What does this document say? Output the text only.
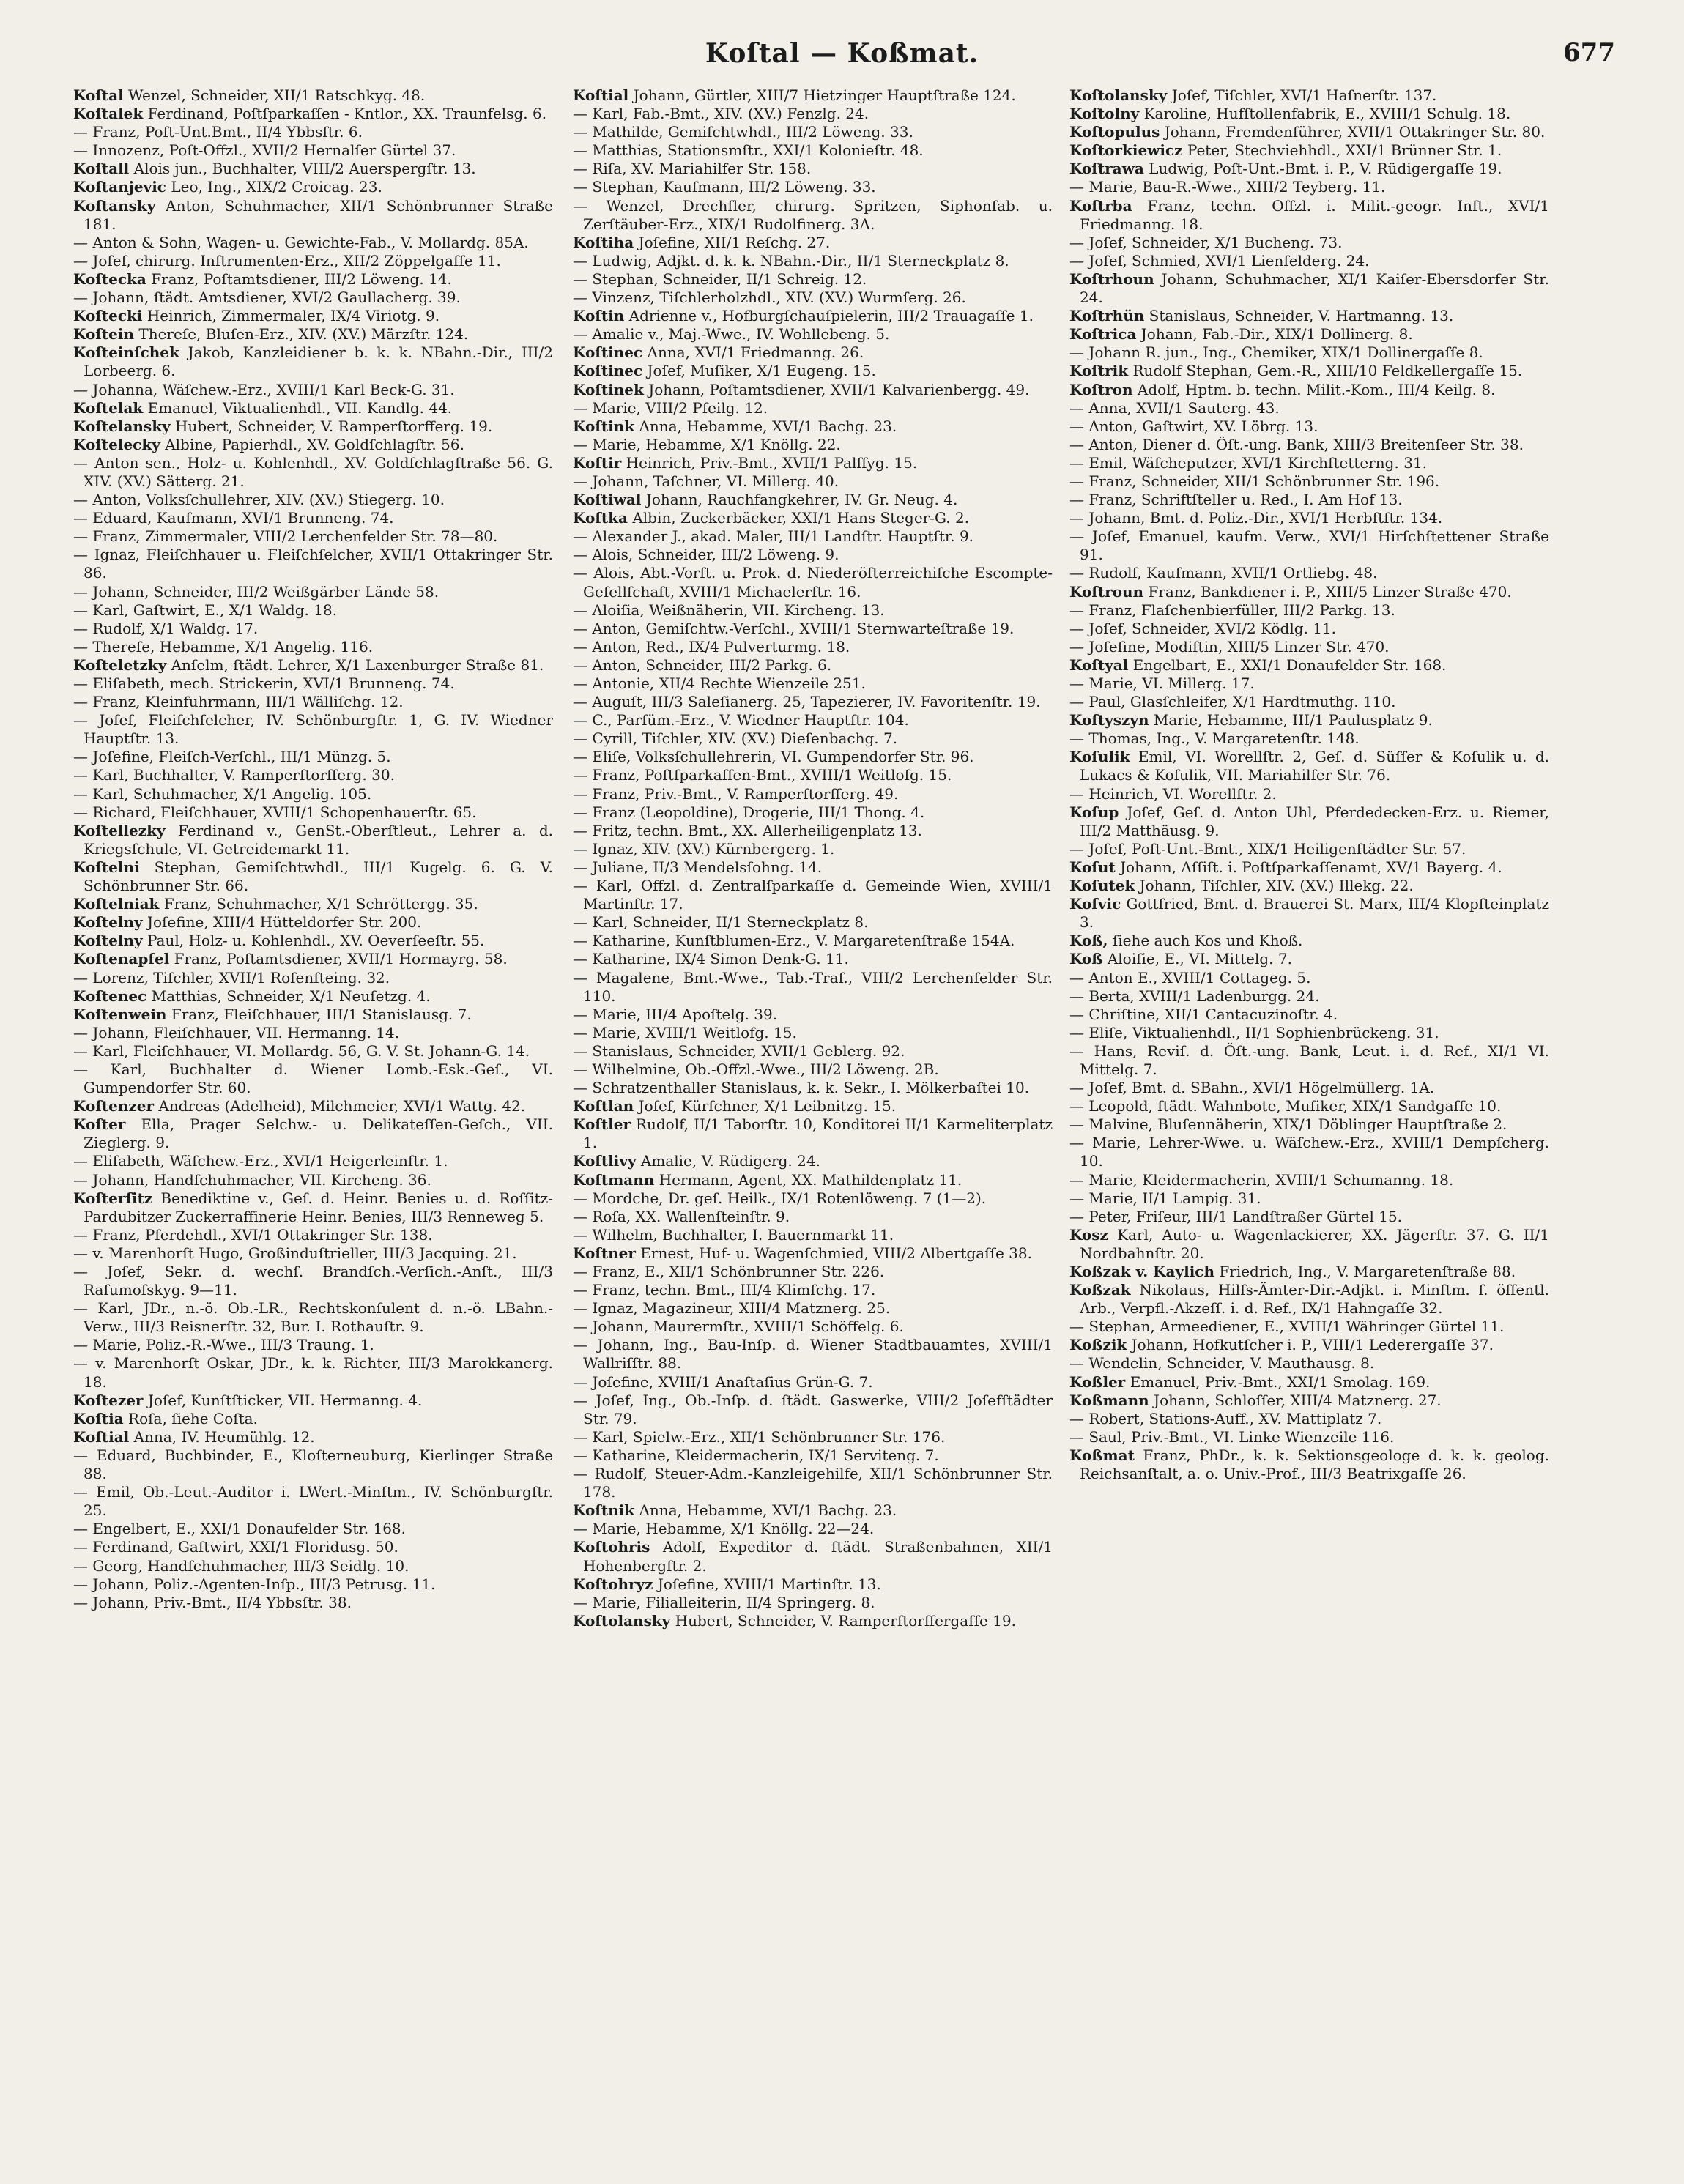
Koſtal — Koßmat.	677

Koſtal Wenzel, Schneider, XII/1 Ratschkyg. 48.

Koſtalek Ferdinand, Poſtſparkaſſen - Kntlor., XX. Traunfelsg. 6.

— Franz, Poſt-Unt.Bmt., II/4 Ybbsſtr. 6.

— Innozenz, Poſt-Offzl., XVII/2 Hernalſer Gürtel 37.

Koſtall Alois jun., Buchhalter, VIII/2 Auerspergſtr. 13.

Koſtanjevic Leo, Ing., XIX/2 Croicag. 23.

Koſtansky Anton, Schuhmacher, XII/1 Schönbrunner Straße 181.

— Anton & Sohn, Wagen- u. Gewichte-Fab., V. Mollardg. 85A.

— Joſef, chirurg. Inſtrumenten-Erz., XII/2 Zöppelgaſſe 11.

Koſtecka Franz, Poſtamtsdiener, III/2 Löweng. 14.

— Johann, ſtädt. Amtsdiener, XVI/2 Gaullacherg. 39.

Koſtecki Heinrich, Zimmermaler, IX/4 Viriotg. 9.

Koſtein Thereſe, Bluſen-Erz., XIV. (XV.) Märzſtr. 124.

Koſteinſchek Jakob, Kanzleidiener b. k. k. NBahn.-Dir., III/2 Lorbeerg. 6.

— Johanna, Wäſchew.-Erz., XVIII/1 Karl Beck-G. 31.

Koſtelak Emanuel, Viktualienhdl., VII. Kandlg. 44.

Koſtelansky Hubert, Schneider, V. Ramperſtorfferg. 19.

Koſtelecky Albine, Papierhdl., XV. Goldſchlagſtr. 56.

— Anton sen., Holz- u. Kohlenhdl., XV. Goldſchlagſtraße 56. G. XIV. (XV.) Sätterg. 21.

— Anton, Volksſchullehrer, XIV. (XV.) Stiegerg. 10.

— Eduard, Kaufmann, XVI/1 Brunneng. 74.

— Franz, Zimmermaler, VIII/2 Lerchenfelder Str. 78—80.

— Ignaz, Fleiſchhauer u. Fleiſchſelcher, XVII/1 Ottakringer Str. 86.

— Johann, Schneider, III/2 Weißgärber Lände 58.

— Karl, Gaſtwirt, E., X/1 Waldg. 18.

— Rudolf, X/1 Waldg. 17.

— Thereſe, Hebamme, X/1 Angelig. 116.

Koſteletzky Anſelm, ſtädt. Lehrer, X/1 Laxenburger Straße 81.

— Eliſabeth, mech. Strickerin, XVI/1 Brunneng. 74.

— Franz, Kleinfuhrmann, III/1 Wälliſchg. 12.

— Joſef, Fleiſchſelcher, IV. Schönburgſtr. 1, G. IV. Wiedner Hauptſtr. 13.

— Joſefine, Fleiſch-Verſchl., III/1 Münzg. 5.

— Karl, Buchhalter, V. Ramperſtorfferg. 30.

— Karl, Schuhmacher, X/1 Angelig. 105.

— Richard, Fleiſchhauer, XVIII/1 Schopenhauerſtr. 65.

Koſtellezky Ferdinand v., GenSt.-Oberſtleut., Lehrer a. d. Kriegsſchule, VI. Getreidemarkt 11.

Koſtelni Stephan, Gemiſchtwhdl., III/1 Kugelg. 6. G. V. Schönbrunner Str. 66.

Koſtelniak Franz, Schuhmacher, X/1 Schröttergg. 35.

Koſtelny Joſefine, XIII/4 Hütteldorfer Str. 200.

Koſtelny Paul, Holz- u. Kohlenhdl., XV. Oeverſeeſtr. 55.

Koſtenapfel Franz, Poſtamtsdiener, XVII/1 Hormayrg. 58.

— Lorenz, Tiſchler, XVII/1 Roſenſteing. 32.

Koſtenec Matthias, Schneider, X/1 Neuſetzg. 4.

Koſtenwein Franz, Fleiſchhauer, III/1 Stanislausg. 7.

— Johann, Fleiſchhauer, VII. Hermanng. 14.

— Karl, Fleiſchhauer, VI. Mollardg. 56, G. V. St. Johann-G. 14.

— Karl, Buchhalter d. Wiener Lomb.-Esk.-Geſ., VI. Gumpendorfer Str. 60.

Koſtenzer Andreas (Adelheid), Milchmeier, XVI/1 Wattg. 42.

Koſter Ella, Prager Selchw.- u. Delikateſſen-Geſch., VII. Zieglerg. 9.

— Eliſabeth, Wäſchew.-Erz., XVI/1 Heigerleinſtr. 1.

— Johann, Handſchuhmacher, VII. Kircheng. 36.

Koſterſitz Benediktine v., Geſ. d. Heinr. Benies u. d. Roſſitz-Pardubitzer Zuckerraffinerie Heinr. Benies, III/3 Renneweg 5.

— Franz, Pferdehdl., XVI/1 Ottakringer Str. 138.

— v. Marenhorſt Hugo, Großinduſtrieller, III/3 Jacquing. 21.

— Joſef, Sekr. d. wechſ. Brandſch.-Verſich.-Anſt., III/3 Raſumofskyg. 9—11.

— Karl, JDr., n.-ö. Ob.-LR., Rechtskonſulent d. n.-ö. LBahn.-Verw., III/3 Reisnerſtr. 32, Bur. I. Rothauſtr. 9.

— Marie, Poliz.-R.-Wwe., III/3 Traung. 1.

— v. Marenhorſt Oskar, JDr., k. k. Richter, III/3 Marokkanerg. 18.

Koſtezer Joſef, Kunſtſticker, VII. Hermanng. 4.

Koſtia Roſa, ſiehe Coſta.

Koſtial Anna, IV. Heumühlg. 12.

— Eduard, Buchbinder, E., Kloſterneuburg, Kierlinger Straße 88.

— Emil, Ob.-Leut.-Auditor i. LWert.-Minſtm., IV. Schönburgſtr. 25.

— Engelbert, E., XXI/1 Donaufelder Str. 168.

— Ferdinand, Gaſtwirt, XXI/1 Floridusg. 50.

— Georg, Handſchuhmacher, III/3 Seidlg. 10.

— Johann, Poliz.-Agenten-Inſp., III/3 Petrusg. 11.

— Johann, Priv.-Bmt., II/4 Ybbsſtr. 38.

Koſtial Johann, Gürtler, XIII/7 Hietzinger Hauptſtraße 124.

— Karl, Fab.-Bmt., XIV. (XV.) Fenzlg. 24.

— Mathilde, Gemiſchtwhdl., III/2 Löweng. 33.

— Matthias, Stationsmſtr., XXI/1 Koloniеſtr. 48.

— Riſa, XV. Mariahilfer Str. 158.

— Stephan, Kaufmann, III/2 Löweng. 33.

— Wenzel, Drechſler, chirurg. Spritzen, Siphonfab. u. Zerſtäuber-Erz., XIX/1 Rudolfinerg. 3A.

Koſtiha Joſefine, XII/1 Reſchg. 27.

— Ludwig, Adjkt. d. k. k. NBahn.-Dir., II/1 Sternеckplatz 8.

— Stephan, Schneider, II/1 Schreig. 12.

— Vinzenz, Tiſchlerholzhdl., XIV. (XV.) Wurmſerg. 26.

Koſtin Adrienne v., Hofburgſchauſpielerin, III/2 Trauagaſſe 1.

— Amalie v., Maj.-Wwe., IV. Wohllebeng. 5.

Koſtinec Anna, XVI/1 Friedmanng. 26.

Koſtinec Joſef, Muſiker, X/1 Eugeng. 15.

Koſtinek Johann, Poſtamtsdiener, XVII/1 Kalvarienbergg. 49.

— Marie, VIII/2 Pfeilg. 12.

Koſtink Anna, Hebamme, XVI/1 Bachg. 23.

— Marie, Hebamme, X/1 Knöllg. 22.

Koſtir Heinrich, Priv.-Bmt., XVII/1 Palffyg. 15.

— Johann, Taſchner, VI. Millerg. 40.

Koſtiwal Johann, Rauchfangkehrer, IV. Gr. Neug. 4.

Koſtka Albin, Zuckerbäcker, XXI/1 Hans Steger-G. 2.

— Alexander J., akad. Maler, III/1 Landſtr. Hauptſtr. 9.

— Alois, Schneider, III/2 Löweng. 9.

— Alois, Abt.-Vorſt. u. Prok. d. Niederöſterreichiſche Escompte-Geſellſchaft, XVIII/1 Michaelerſtr. 16.

— Aloiſia, Weißnäherin, VII. Kircheng. 13.

— Anton, Gemiſchtw.-Verſchl., XVIII/1 Sternwarteſtraße 19.

— Anton, Red., IX/4 Pulverturmg. 18.

— Anton, Schneider, III/2 Parkg. 6.

— Antonie, XII/4 Rechte Wienzeile 251.

— Auguſt, III/3 Saleſianerg. 25, Tapezierer, IV. Favoritenſtr. 19.

— C., Parfüm.-Erz., V. Wiedner Hauptſtr. 104.

— Cyrill, Tiſchler, XIV. (XV.) Dieſenbachg. 7.

— Eliſe, Volksſchullehrerin, VI. Gumpendorfer Str. 96.

— Franz, Poſtſparkaſſen-Bmt., XVIII/1 Weitlofg. 15.

— Franz, Priv.-Bmt., V. Ramperſtorfferg. 49.

— Franz (Leopoldine), Drogerie, III/1 Thong. 4.

— Fritz, techn. Bmt., XX. Allerheiligenplatz 13.

— Ignaz, XIV. (XV.) Kürnbergerg. 1.

— Juliane, II/3 Mendelsſohng. 14.

— Karl, Offzl. d. Zentralſparkaſſe d. Gemeinde Wien, XVIII/1 Martinſtr. 17.

— Karl, Schneider, II/1 Sterneckplatz 8.

— Katharine, Kunſtblumen-Erz., V. Margaretenſtraße 154A.

— Katharine, IX/4 Simon Denk-G. 11.

— Magalene, Bmt.-Wwe., Tab.-Traf., VIII/2 Lerchenfelder Str. 110.

— Marie, III/4 Apoſtelg. 39.

— Marie, XVIII/1 Weitlofg. 15.

— Stanislaus, Schneider, XVII/1 Geblerg. 92.

— Wilhelmine, Ob.-Offzl.-Wwe., III/2 Löweng. 2B.

— Schratzenthaller Stanislaus, k. k. Sekr., I. Mölkerbaſtei 10.

Koſtlan Joſef, Kürſchner, X/1 Leibnitzg. 15.

Koſtler Rudolf, II/1 Taborſtr. 10, Konditorei II/1 Karmeliterplatz 1.

Koſtlivy Amalie, V. Rüdigerg. 24.

Koſtmann Hermann, Agent, XX. Mathildenplatz 11.

— Mordche, Dr. geſ. Heilk., IX/1 Rotenlöweng. 7 (1—2).

— Roſa, XX. Wallenſteinſtr. 9.

— Wilhelm, Buchhalter, I. Bauernmarkt 11.

Koſtner Ernest, Huf- u. Wagenſchmied, VIII/2 Albertgaſſe 38.

— Franz, E., XII/1 Schönbrunner Str. 226.

— Franz, techn. Bmt., III/4 Klimſchg. 17.

— Ignaz, Magazineur, XIII/4 Matznerg. 25.

— Johann, Maurermſtr., XVIII/1 Schöffelg. 6.

— Johann, Ing., Bau-Inſp. d. Wiener Stadtbauamtes, XVIII/1 Wallriſſtr. 88.

— Joſefine, XVIII/1 Anaſtaſius Grün-G. 7.

— Joſef, Ing., Ob.-Inſp. d. ſtädt. Gaswerke, VIII/2 Joſefſtädter Str. 79.

— Karl, Spielw.-Erz., XII/1 Schönbrunner Str. 176.

— Katharine, Kleidermacherin, IX/1 Servitеng. 7.

— Rudolf, Steuer-Adm.-Kanzleigehilfe, XII/1 Schönbrunner Str. 178.

Koſtnik Anna, Hebamme, XVI/1 Bachg. 23.

— Marie, Hebamme, X/1 Knöllg. 22—24.

Koſtohris Adolf, Expeditor d. ſtädt. Straßenbahnen, XII/1 Hohenbergſtr. 2.

Koſtohryz Joſefine, XVIII/1 Martinſtr. 13.

— Marie, Filialleiterin, II/4 Springerg. 8.

Koſtolansky Hubert, Schneider, V. Ramperſtorffergaſſe 19.

Koſtolansky Joſef, Tiſchler, XVI/1 Haſnerſtr. 137.

Koſtolny Karoline, Hufſtollenfabrik, E., XVIII/1 Schulg. 18.

Koſtopulus Johann, Fremdenführer, XVII/1 Ottakringer Str. 80.

Koſtorkiewicz Peter, Stechviehhdl., XXI/1 Brünner Str. 1.

Koſtrawa Ludwig, Poſt-Unt.-Bmt. i. P., V. Rüdigergaſſe 19.

— Marie, Bau-R.-Wwe., XIII/2 Teyberg. 11.

Koſtrba Franz, techn. Offzl. i. Milit.-geogr. Inſt., XVI/1 Friedmanng. 18.

— Joſef, Schneider, X/1 Bucheng. 73.

— Joſef, Schmied, XVI/1 Lienfelderg. 24.

Koſtrhoun Johann, Schuhmacher, XI/1 Kaiſer-Ebersdorfer Str. 24.

Koſtrhün Stanislaus, Schneider, V. Hartmanng. 13.

Koſtrica Johann, Fab.-Dir., XIX/1 Dollinerg. 8.

— Johann R. jun., Ing., Chemiker, XIX/1 Dollinergaſſe 8.

Koſtrik Rudolf Stephan, Gem.-R., XIII/10 Feldkellergaſſe 15.

Koſtron Adolf, Hptm. b. techn. Milit.-Kom., III/4 Keilg. 8.

— Anna, XVII/1 Sauterg. 43.

— Anton, Gaſtwirt, XV. Löbrg. 13.

— Anton, Diener d. Öſt.-ung. Bank, XIII/3 Breitenſeer Str. 38.

— Emil, Wäſcheputzer, XVI/1 Kirchſtetterng. 31.

— Franz, Schneider, XII/1 Schönbrunner Str. 196.

— Franz, Schriftſteller u. Red., I. Am Hof 13.

— Johann, Bmt. d. Poliz.-Dir., XVI/1 Herbſtſtr. 134.

— Joſef, Emanuel, kaufm. Verw., XVI/1 Hirſchſtettener Straße 91.

— Rudolf, Kaufmann, XVII/1 Ortliebg. 48.

Koſtroun Franz, Bankdiener i. P., XIII/5 Linzer Straße 470.

— Franz, Flaſchenbierfüller, III/2 Parkg. 13.

— Joſef, Schneider, XVI/2 Ködlg. 11.

— Joſefine, Modiſtin, XIII/5 Linzer Str. 470.

Koſtyal Engelbart, E., XXI/1 Donaufelder Str. 168.

— Marie, VI. Millerg. 17.

— Paul, Glasſchleifer, X/1 Hardtmuthg. 110.

Koſtyszyn Marie, Hebamme, III/1 Paulusplatz 9.

— Thomas, Ing., V. Margaretenſtr. 148.

Koſulik Emil, VI. Worellſtr. 2, Geſ. d. Süſſer & Koſulik u. d. Lukacs & Koſulik, VII. Mariahilfer Str. 76.

— Heinrich, VI. Worellſtr. 2.

Koſup Joſef, Geſ. d. Anton Uhl, Pferdedecken-Erz. u. Riemer, III/2 Matthäusg. 9.

— Joſef, Poſt-Unt.-Bmt., XIX/1 Heiligenſtädter Str. 57.

Koſut Johann, Aſſiſt. i. Poſtſparkaſſenamt, XV/1 Bayerg. 4.

Koſutek Johann, Tiſchler, XIV. (XV.) Illekg. 22.

Koſvic Gottfried, Bmt. d. Brauerei St. Marx, III/4 Klopſteinplatz 3.

Koß, ſiehe auch Kos und Khoß.

Koß Aloiſie, E., VI. Mittelg. 7.

— Anton E., XVIII/1 Cottageg. 5.

— Berta, XVIII/1 Ladenburgg. 24.

— Chriſtine, XII/1 Cantacuzinoſtr. 4.

— Eliſe, Viktualienhdl., II/1 Sophienbrückeng. 31.

— Hans, Reviſ. d. Öſt.-ung. Bank, Leut. i. d. Ref., XI/1 VI. Mittelg. 7.

— Joſef, Bmt. d. SBahn., XVI/1 Högelmüllerg. 1A.

— Leopold, ſtädt. Wahnbote, Muſiker, XIX/1 Sandgaſſe 10.

— Malvine, Bluſennäherin, XIX/1 Döblinger Hauptſtraße 2.

— Marie, Lehrer-Wwe. u. Wäſchew.-Erz., XVIII/1 Dempſcherg. 10.

— Marie, Kleidermacherin, XVIII/1 Schumanng. 18.

— Marie, II/1 Lampig. 31.

— Peter, Friſeur, III/1 Landſtraßer Gürtel 15.

Kosz Karl, Auto- u. Wagenlackierer, XX. Jägerſtr. 37. G. II/1 Nordbahnſtr. 20.

Koßzak v. Kaylich Friedrich, Ing., V. Margaretenſtraße 88.

Koßzak Nikolaus, Hilfs-Ämter-Dir.-Adjkt. i. Minſtm. f. öffentl. Arb., Verpfl.-Akzeſſ. i. d. Ref., IX/1 Hahngaſſe 32.

— Stephan, Armeediener, E., XVIII/1 Währinger Gürtel 11.

Koßzik Johann, Hofkutſcher i. P., VIII/1 Lederergaſſe 37.

— Wendelin, Schneider, V. Mauthausg. 8.

Koßler Emanuel, Priv.-Bmt., XXI/1 Smolag. 169.

Koßmann Johann, Schloſſer, XIII/4 Matznerg. 27.

— Robert, Stations-Auff., XV. Mattiplatz 7.

— Saul, Priv.-Bmt., VI. Linke Wienzeile 116.

Koßmat Franz, PhDr., k. k. Sektionsgeologe d. k. k. geolog. Reichsanſtalt, a. o. Univ.-Prof., III/3 Beatrixgaſſe 26.
